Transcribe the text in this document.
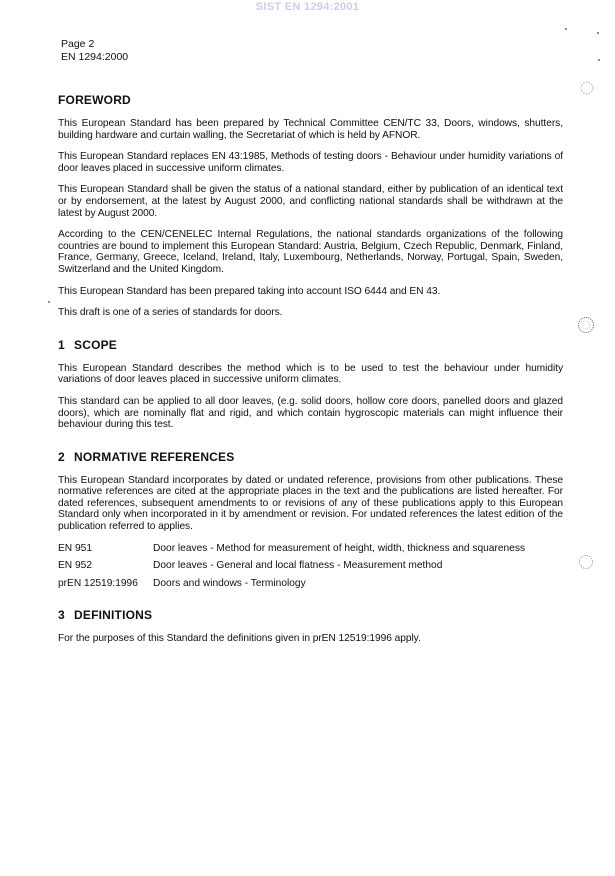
SIST EN 1294:2001
Page 2
EN 1294:2000
FOREWORD

This European Standard has been prepared by Technical Committee CEN/TC 33, Doors, windows, shutters, building hardware and curtain walling, the Secretariat of which is held by AFNOR.

This European Standard replaces EN 43:1985, Methods of testing doors - Behaviour under humidity variations of door leaves placed in successive uniform climates.

This European Standard shall be given the status of a national standard, either by publication of an identical text or by endorsement, at the latest by August 2000, and conflicting national standards shall be withdrawn at the latest by August 2000.

According to the CEN/CENELEC Internal Regulations, the national standards organizations of the following countries are bound to implement this European Standard: Austria, Belgium, Czech Republic, Denmark, Finland, France, Germany, Greece, Iceland, Ireland, Italy, Luxembourg, Netherlands, Norway, Portugal, Spain, Sweden, Switzerland and the United Kingdom.

This European Standard has been prepared taking into account ISO 6444 and EN 43.

This draft is one of a series of standards for doors.

1 SCOPE

This European Standard describes the method which is to be used to test the behaviour under humidity variations of door leaves placed in successive uniform climates.

This standard can be applied to all door leaves, (e.g. solid doors, hollow core doors, panelled doors and glazed doors), which are nominally flat and rigid, and which contain hygroscopic materials can might influence their behaviour during this test.

2 NORMATIVE REFERENCES

This European Standard incorporates by dated or undated reference, provisions from other publications. These normative references are cited at the appropriate places in the text and the publications are listed hereafter. For dated references, subsequent amendments to or revisions of any of these publications apply to this European Standard only when incorporated in it by amendment or revision. For undated references the latest edition of the publication referred to applies.

EN 951	Door leaves - Method for measurement of height, width, thickness and squareness
EN 952	Door leaves - General and local flatness - Measurement method
prEN 12519:1996	Doors and windows - Terminology
3 DEFINITIONS

For the purposes of this Standard the definitions given in prEN 12519:1996 apply.
